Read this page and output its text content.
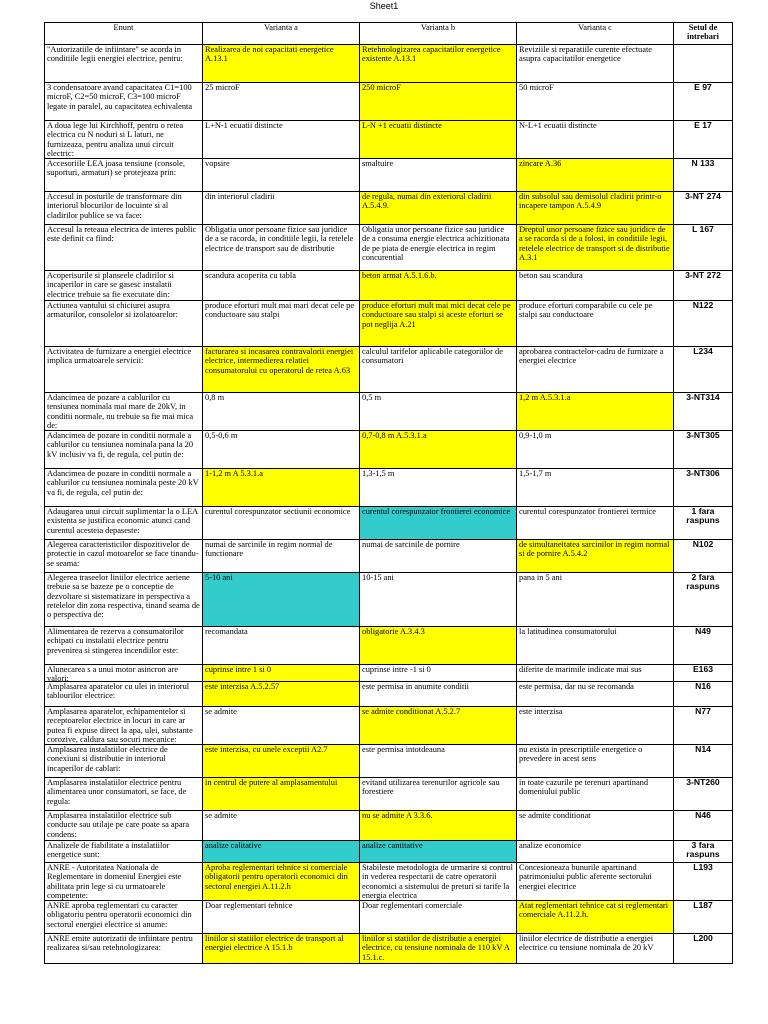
Sheet1
Enunt	Varianta a	Varianta b	Varianta c	Setul de intrebari

"Autorizatiile de infiintare" se acorda in conditiile legii energiei electrice, pentru:	Realizarea de noi capacitati energetice A.13.1	Retehnologizarea capacitatilor energetice existente A.13.1	Reviziile si reparatiile curente efectuate asupra capacitatilor energetice	

3 condensatoare avand capacitatea C1=100 microF, C2=50 microF, C3=100 microF legate in paralel, au capacitatea echivalenta	25 microF	250 microF	50 microF	E 97

A doua lege lui Kirchhoff, pentru o retea electrica cu N noduri si L laturi, ne furnizeaza, pentru analiza unui circuit electric:	L+N-1 ecuatii distincte	L-N +1 ecuatii distincte	N-L+1 ecuatii distincte	E 17

Accesoriile LEA joasa tensiune (console, suporturi, armaturi) se protejeaza prin:	vopsire	smaltuire	zincare A.36	N 133

Accesul in posturile de transformare din interiorul blocurilor de locuinte si al cladirilor publice se va face:	din interiorul cladirii	de regula, numai din exteriorul cladirii A.5.4.9.	din subsolul sau demisolul cladirii printr-o incapere tampon A.5.4.9	3-NT 274

Accesul la reteaua electrica de interes public este definit ca fiind:	Obligatia unor persoane fizice sau juridice de a se racorda, in conditiile legii, la retelele electrice de transport sau de distributie	Obligatia unor persoane fizice sau juridice de a consuma energie electrica achizitionata de pe piata de energie electrica in regim concurential	Dreptul unor persoane fizice sau juridice de a se racorda si de a folosi, in conditiile legii, retelele electrice de transport si de distributie A.3.1	L 167

Acoperisurile si planseele cladirilor si incaperilor in care se gasesc instalatii electrice trebuie sa fie executate din:	scandura acoperita cu tabla	beton armat A.5.1.6.b.	beton sau scandura	3-NT 272

Actiunea vantului si chiciurei asupra armaturilor, consolelor si izolatoarelor:	produce eforturi mult mai mari decat cele pe conductoare sau stalpi	produce eforturi mult mai mici decat cele pe conductoare sau stalpi si aceste eforturi se pot neglija A.21	produce eforturi comparabile cu cele pe stalpi sau conductoare	N122

Activitatea de furnizare a energiei electrice implica urmatoarele servicii:	facturarea si incasarea contravalorii energiei electrice, intermedierea relatiei consumatorului cu operatorul de retea A.63	calculul tarifelor aplicabile categoriilor de consumatori	aprobarea contractelor-cadru de furnizare a energiei electrice	L234

Adancimea de pozare a cablurilor cu tensiunea nominala mai mare de 20kV, in conditii normale, nu trebuie sa fie mai mica de:	0,8 m	0,5 m	1,2 m A.5.3.1.a	3-NT314

Adancimea de pozare in conditii normale a cablurilor cu tensiunea nominala pana la 20 kV inclusiv va fi, de regula, cel putin de:	0,5-0,6 m	0,7-0,8 m A.5.3.1.a	0,9-1,0 m	3-NT305

Adancimea de pozare in conditii normale a cablurilor cu tensiunea nominala peste 20 kV va fi, de regula, cel putin de:	1-1,2 m A 5.3.1.a	1,3-1,5 m	1,5-1,7 m	3-NT306

Adaugarea unui circuit suplimentar la o LEA existenta se justifica economic atunci cand curentul acesteia depaseste:	curentul corespunzator sectiunii economice	curentul corespunzator frontierei economice	curentul corespunzator frontierei termice	1 fara raspuns

Alegerea caracteristicilor dispozitivelor de protectie in cazul motoarelor se face tinandu-se seama:	numai de sarcinile in regim normal de functionare	numai de sarcinile de pornire	de simultaneitatea sarcinilor in regim normal si de pornire A.5.4.2	N102

Alegerea traseelor liniilor electrice aeriene trebuie sa se bazeze pe o conceptie de dezvoltare si sistematizare in perspectiva a retelelor din zona respectiva, tinand seama de o perspectiva de:	5-10 ani	10-15 ani	pana in 5 ani	2 fara raspuns

Alimentarea de rezerva a consumatorilor echipati cu instalatii electrice pentru prevenirea si stingerea incendiilor este:	recomandata	obligatorie A.3.4.3	la latitudinea consumatorului	N49

Alunecarea s a unui motor asincron are valori:	cuprinse intre 1 si 0	cuprinse intre -1 si 0	diferite de marimile indicate mai sus	E163

Amplasarea aparatelor cu ulei in interiorul tablourilor electrice:	este interzisa A.5.2.57	este permisa in anumite conditii	este permisa, dar nu se recomanda	N16

Amplasarea aparatelor, echipamentelor si receptoarelor electrice in locuri in care ar putea fi expuse direct la apa, ulei, substante corozive, caldura sau socuri mecanice:	se admite	se admite conditionat A.5.2.7	este interzisa	N77

Amplasarea instalatiilor electrice de conexiuni si distributie in interiorul incaperilor de cablari:	este interzisa, cu unele exceptii A2.7	este permisa intotdeauna	nu exista in prescriptiile energetice o prevedere in acest sens	N14

Amplasarea instalatiilor electrice pentru alimentarea unor consumatori, se face, de regula:	in centrul de putere al amplasamentului	evitand utilizarea terenurilor agricole sau forestiere	in toate cazurile pe terenuri apartinand domeniului public	3-NT260

Amplasarea instalatiilor electrice sub conducte sau utilaje pe care poate sa apara condens:	se admite	nu se admite A 3.3.6.	se admite conditionat	N46

Analizele de fiabilitate a instalatiilor energetice sunt:	analize calitative	analize cantitative	analize economice	3 fara raspuns

ANRE - Autoritatea Nationala de Reglementare in domeniul Energiei este abilitata prin lege si cu urmatoarele competente:	Aproba reglementari tehnice si comerciale obligatorii pentru operatorii economici din sectorul energiei A.11.2.h	Stabileste metodologia de urmarire si control in vederea respectarii de catre operatorii economici a sistemului de preturi si tarife la energia electrica	Concesioneaza bunurile apartinand patrimoniului public aferente sectorului energiei electrice	L193

ANRE aproba reglementari cu caracter obligatoriu pentru operatorii economici din sectorul energiei electrice si anume:	Doar reglementari tehnice	Doar reglementari comerciale	Atat reglementari tehnice cat si reglementari comerciale A.11.2.h.	L187

ANRE emite autorizatii de infiintare pentru realizarea si/sau retehnologizarea:	liniilor si statiilor electrice de transport al energiei electrice A 15.1.b	liniilor si statiilor de distributie a energiei electrice, cu tensiune nominala de 110 kV A 15.1.c.	liniilor electrice de distributie a energiei electrice cu tensiune nominala de 20 kV	L200
